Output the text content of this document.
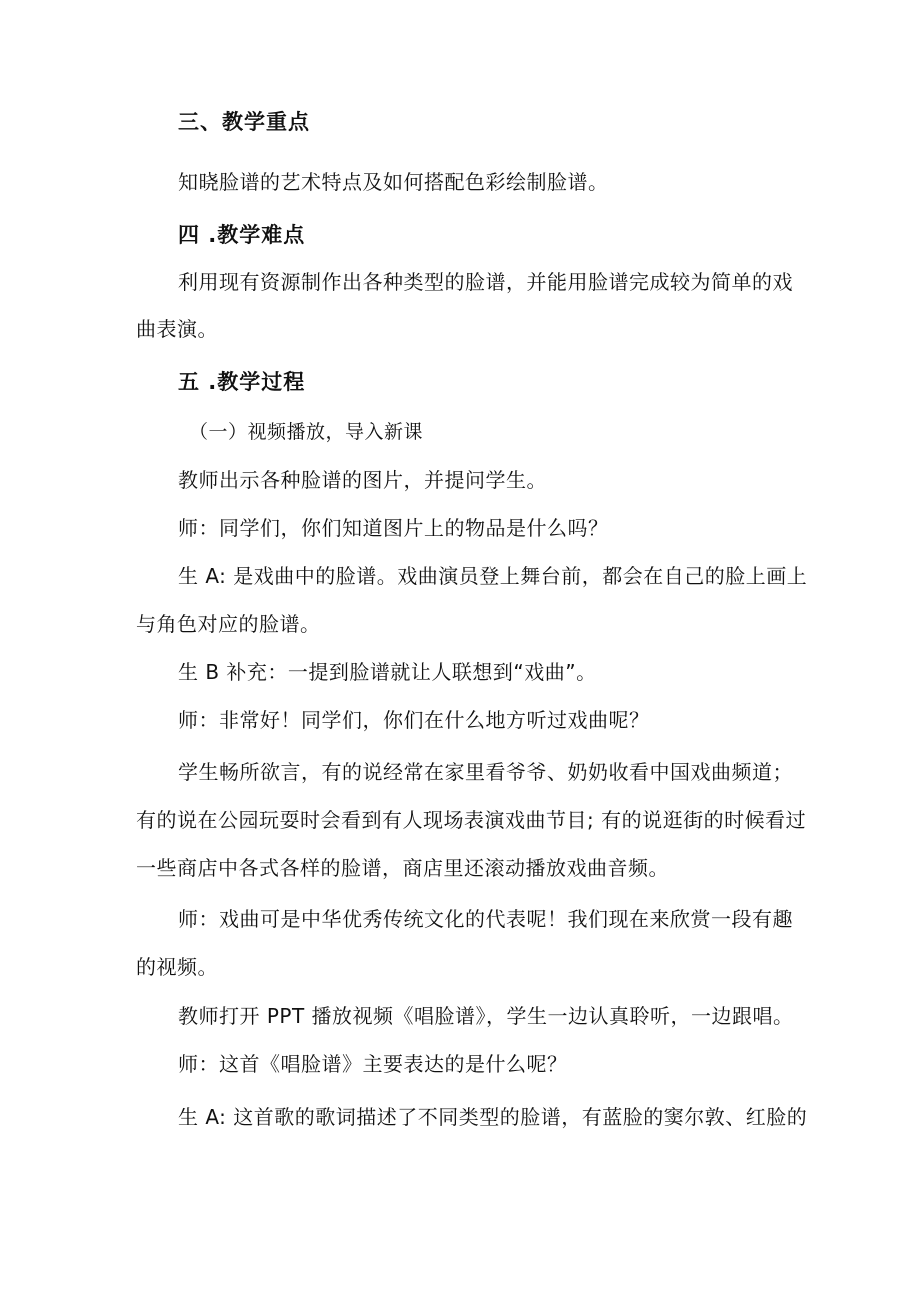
三、教学重点
知晓脸谱的艺术特点及如何搭配色彩绘制脸谱。
四 .教学难点
利用现有资源制作出各种类型的脸谱，并能用脸谱完成较为简单的戏
曲表演。
五 .教学过程
（一）视频播放，导入新课
教师出示各种脸谱的图片，并提问学生。
师：同学们，你们知道图片上的物品是什么吗？
生 A: 是戏曲中的脸谱。戏曲演员登上舞台前，都会在自己的脸上画上
与角色对应的脸谱。
生 B 补充：一提到脸谱就让人联想到“戏曲”。
师：非常好！同学们，你们在什么地方听过戏曲呢？
学生畅所欲言，有的说经常在家里看爷爷、奶奶收看中国戏曲频道；
有的说在公园玩耍时会看到有人现场表演戏曲节目; 有的说逛街的时候看过
一些商店中各式各样的脸谱，商店里还滚动播放戏曲音频。
师：戏曲可是中华优秀传统文化的代表呢！我们现在来欣赏一段有趣
的视频。
教师打开 PPT 播放视频《唱脸谱》，学生一边认真聆听，一边跟唱。
师：这首《唱脸谱》主要表达的是什么呢？
生 A: 这首歌的歌词描述了不同类型的脸谱，有蓝脸的窦尔敦、红脸的
